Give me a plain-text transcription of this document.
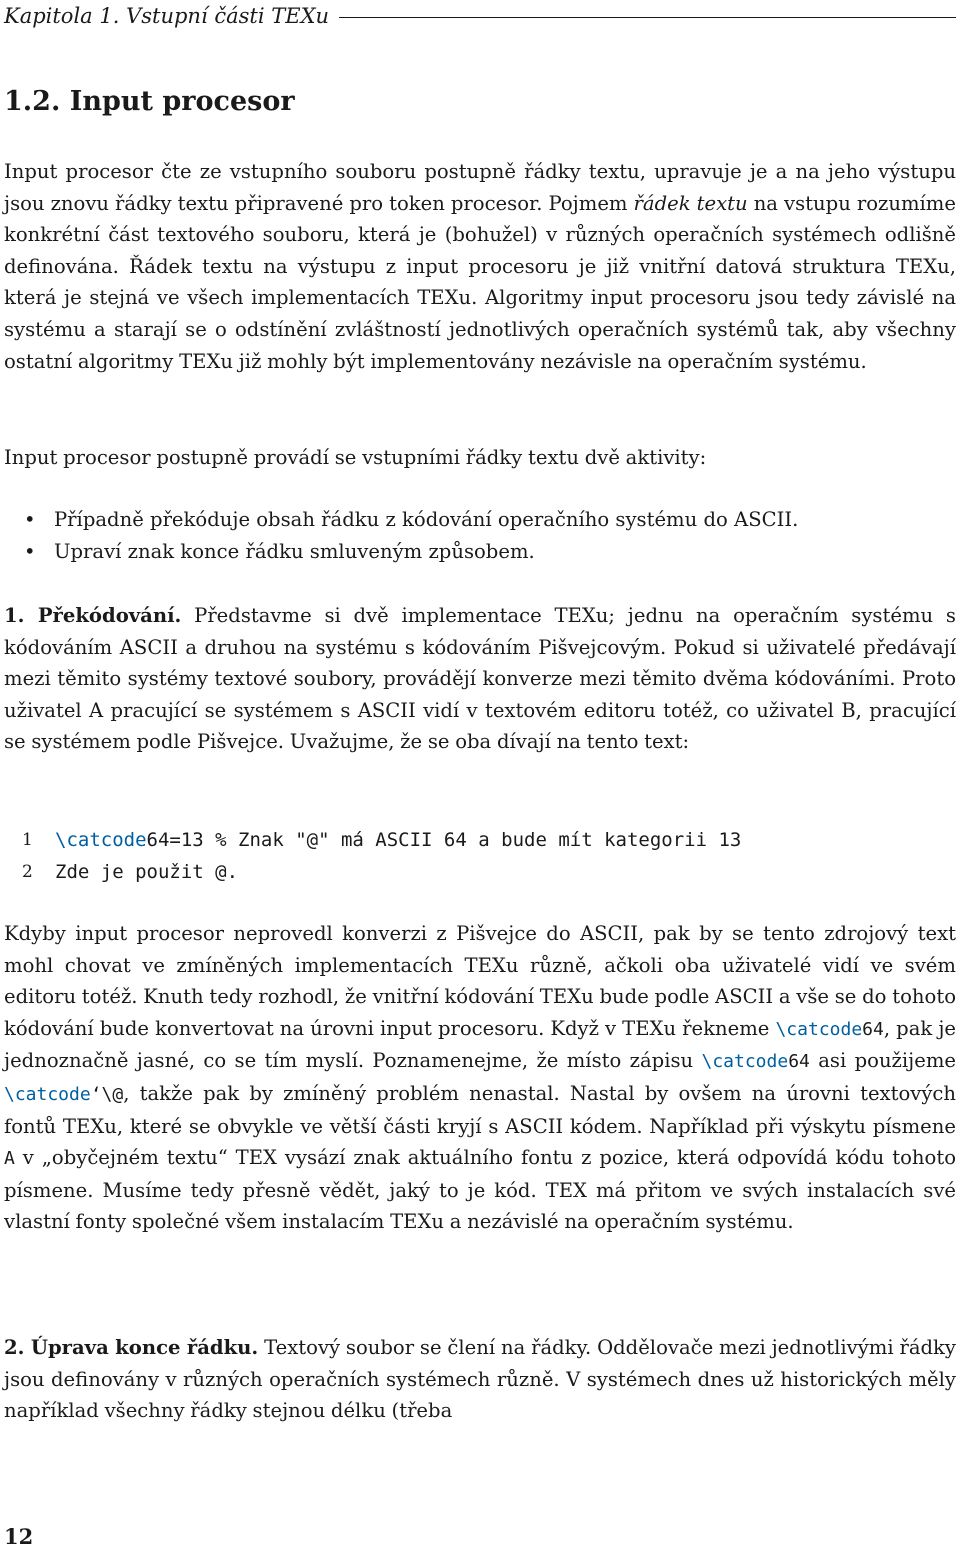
Kapitola 1. Vstupní části TEXu
1.2. Input procesor

Input procesor čte ze vstupního souboru postupně řádky textu, upravuje je a na jeho výstupu jsou znovu řádky textu připravené pro token procesor. Pojmem řádek textu na vstupu rozumíme konkrétní část textového souboru, která je (bohužel) v různých operačních systémech odlišně definována. Řádek textu na výstupu z input procesoru je již vnitřní datová struktura TEXu, která je stejná ve všech implementacích TEXu. Algoritmy input procesoru jsou tedy závislé na systému a starají se o odstínění zvláštností jednotlivých operačních systémů tak, aby všechny ostatní algoritmy TEXu již mohly být implementovány nezávisle na operačním systému.

Input procesor postupně provádí se vstupními řádky textu dvě aktivity:

• Případně překóduje obsah řádku z kódování operačního systému do ASCII.
• Upraví znak konce řádku smluveným způsobem.

1. Překódování. Představme si dvě implementace TEXu; jednu na operačním systému s kódováním ASCII a druhou na systému s kódováním Pišvejcovým. Pokud si uživatelé předávají mezi těmito systémy textové soubory, provádějí konverze mezi těmito dvěma kódováními. Proto uživatel A pracující se systémem s ASCII vidí v textovém editoru totéž, co uživatel B, pracující se systémem podle Pišvejce. Uvažujme, že se oba dívají na tento text:

1 \catcode64=13 % Znak "@" má ASCII 64 a bude mít kategorii 13
2 Zde je použit @.

Kdyby input procesor neprovedl konverzi z Pišvejce do ASCII, pak by se tento zdrojový text mohl chovat ve zmíněných implementacích TEXu různě, ačkoli oba uživatelé vidí ve svém editoru totéž. Knuth tedy rozhodl, že vnitřní kódování TEXu bude podle ASCII a vše se do tohoto kódování bude konvertovat na úrovni input procesoru. Když v TEXu řekneme \catcode64, pak je jednoznačně jasné, co se tím myslí. Poznamenejme, že místo zápisu \catcode64 asi použijeme \catcode‘\@, takže pak by zmíněný problém nenastal. Nastal by ovšem na úrovni textových fontů TEXu, které se obvykle ve větší části kryjí s ASCII kódem. Například při výskytu písmene A v „obyčejném textu“ TEX vysází znak aktuálního fontu z pozice, která odpovídá kódu tohoto písmene. Musíme tedy přesně vědět, jaký to je kód. TEX má přitom ve svých instalacích své vlastní fonty společné všem instalacím TEXu a nezávislé na operačním systému.

2. Úprava konce řádku. Textový soubor se člení na řádky. Oddělovače mezi jednotlivými řádky jsou definovány v různých operačních systémech různě. V systémech dnes už historických měly například všechny řádky stejnou délku (třeba

12
